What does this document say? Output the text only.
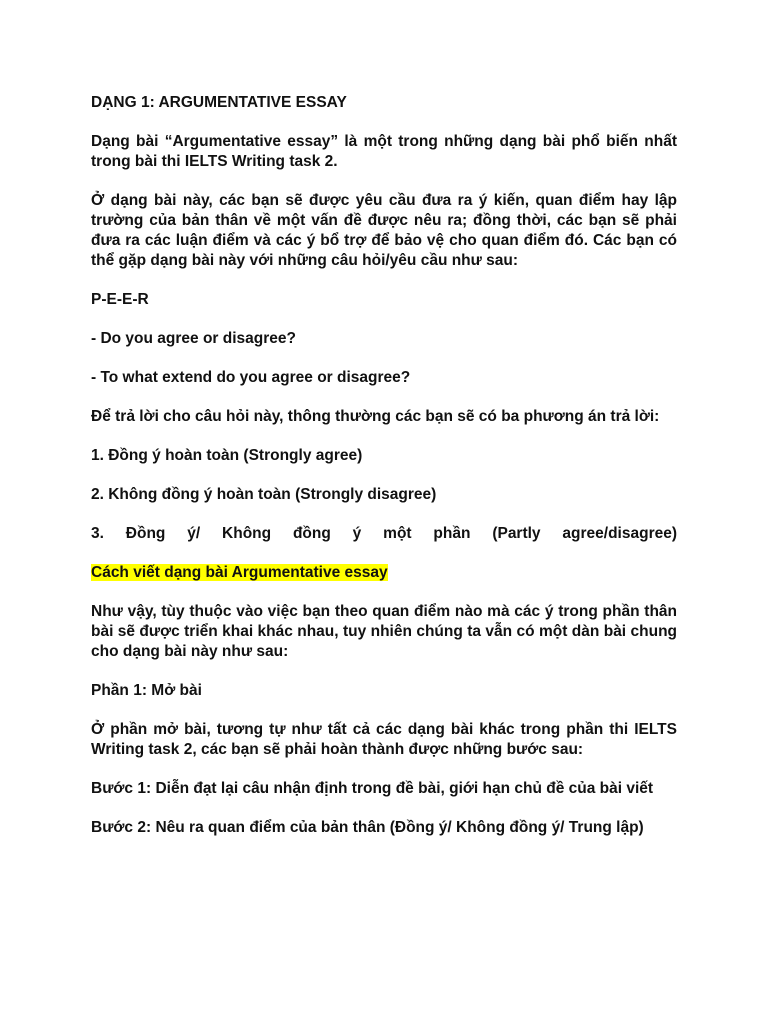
DẠNG 1: ARGUMENTATIVE ESSAY

Dạng bài “Argumentative essay” là một trong những dạng bài phổ biến nhất trong bài thi IELTS Writing task 2.

Ở dạng bài này, các bạn sẽ được yêu cầu đưa ra ý kiến, quan điểm hay lập trường của bản thân về một vấn đề được nêu ra; đồng thời, các bạn sẽ phải đưa ra các luận điểm và các ý bổ trợ để bảo vệ cho quan điểm đó. Các bạn có thể gặp dạng bài này với những câu hỏi/yêu cầu như sau:

P-E-E-R

- Do you agree or disagree?

- To what extend do you agree or disagree?

Để trả lời cho câu hỏi này, thông thường các bạn sẽ có ba phương án trả lời:

1. Đồng ý hoàn toàn (Strongly agree)

2. Không đồng ý hoàn toàn (Strongly disagree)

3. Đồng ý/ Không đồng ý một phần (Partly agree/disagree)

Cách viết dạng bài Argumentative essay

Như vậy, tùy thuộc vào việc bạn theo quan điểm nào mà các ý trong phần thân bài sẽ được triển khai khác nhau, tuy nhiên chúng ta vẫn có một dàn bài chung cho dạng bài này như sau:

Phần 1: Mở bài

Ở phần mở bài, tương tự như tất cả các dạng bài khác trong phần thi IELTS Writing task 2, các bạn sẽ phải hoàn thành được những bước sau:

Bước 1: Diễn đạt lại câu nhận định trong đề bài, giới hạn chủ đề của bài viết

Bước 2: Nêu ra quan điểm của bản thân (Đồng ý/ Không đồng ý/ Trung lập)
